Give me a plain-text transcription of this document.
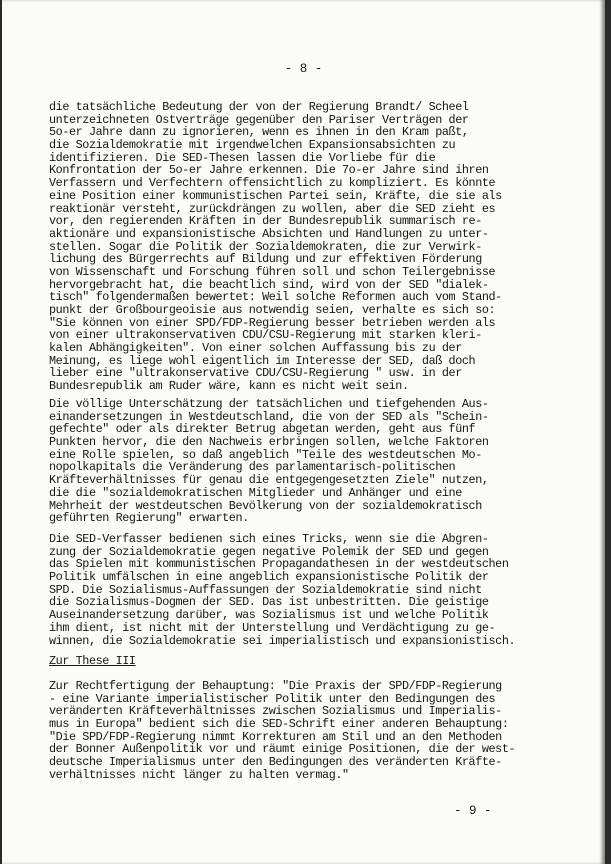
- 8 -
die tatsächliche Bedeutung der von der Regierung Brandt/ Scheel
unterzeichneten Ostverträge gegenüber den Pariser Verträgen der
5o-er Jahre dann zu ignorieren, wenn es ihnen in den Kram paßt,
die Sozialdemokratie mit irgendwelchen Expansionsabsichten zu
identifizieren. Die SED-Thesen lassen die Vorliebe für die
Konfrontation der 5o-er Jahre erkennen. Die 7o-er Jahre sind ihren
Verfassern und Verfechtern offensichtlich zu kompliziert. Es könnte
eine Position einer kommunistischen Partei sein, Kräfte, die sie als
reaktionär versteht, zurückdrängen zu wollen, aber die SED zieht es
vor, den regierenden Kräften in der Bundesrepublik summarisch re-
aktionäre und expansionistische Absichten und Handlungen zu unter-
stellen. Sogar die Politik der Sozialdemokraten, die zur Verwirk-
lichung des Bürgerrechts auf Bildung und zur effektiven Förderung
von Wissenschaft und Forschung führen soll und schon Teilergebnisse
hervorgebracht hat, die beachtlich sind, wird von der SED "dialek-
tisch" folgendermaßen bewertet: Weil solche Reformen auch vom Stand-
punkt der Großbourgeoisie aus notwendig seien, verhalte es sich so:
"Sie können von einer SPD/FDP-Regierung besser betrieben werden als
von einer ultrakonservativen CDU/CSU-Regierung mit starken kleri-
kalen Abhängigkeiten". Von einer solchen Auffassung bis zu der
Meinung, es liege wohl eigentlich im Interesse der SED, daß doch
lieber eine "ultrakonservative CDU/CSU-Regierung " usw. in der
Bundesrepublik am Ruder wäre, kann es nicht weit sein.
Die völlige Unterschätzung der tatsächlichen und tiefgehenden Aus-
einandersetzungen in Westdeutschland, die von der SED als "Schein-
gefechte" oder als direkter Betrug abgetan werden, geht aus fünf
Punkten hervor, die den Nachweis erbringen sollen, welche Faktoren
eine Rolle spielen, so daß angeblich "Teile des westdeutschen Mo-
nopolkapitals die Veränderung des parlamentarisch-politischen
Kräfteverhältnisses für genau die entgegengesetzten Ziele" nutzen,
die die "sozialdemokratischen Mitglieder und Anhänger und eine
Mehrheit der westdeutschen Bevölkerung von der sozialdemokratisch
geführten Regierung" erwarten.
Die SED-Verfasser bedienen sich eines Tricks, wenn sie die Abgren-
zung der Sozialdemokratie gegen negative Polemik der SED und gegen
das Spielen mit kommunistischen Propagandathesen in der westdeutschen
Politik umfälschen in eine angeblich expansionistische Politik der
SPD. Die Sozialismus-Auffassungen der Sozialdemokratie sind nicht
die Sozialismus-Dogmen der SED. Das ist unbestritten. Die geistige
Auseinandersetzung darüber, was Sozialismus ist und welche Politik
ihm dient, ist nicht mit der Unterstellung und Verdächtigung zu ge-
winnen, die Sozialdemokratie sei imperialistisch und expansionistisch.
Zur These III
Zur Rechtfertigung der Behauptung: "Die Praxis der SPD/FDP-Regierung
- eine Variante imperialistischer Politik unter den Bedingungen des
veränderten Kräfteverhältnisses zwischen Sozialismus und Imperialis-
mus in Europa" bedient sich die SED-Schrift einer anderen Behauptung:
"Die SPD/FDP-Regierung nimmt Korrekturen am Stil und an den Methoden
der Bonner Außenpolitik vor und räumt einige Positionen, die der west-
deutsche Imperialismus unter den Bedingungen des veränderten Kräfte-
verhältnisses nicht länger zu halten vermag."
- 9 -
